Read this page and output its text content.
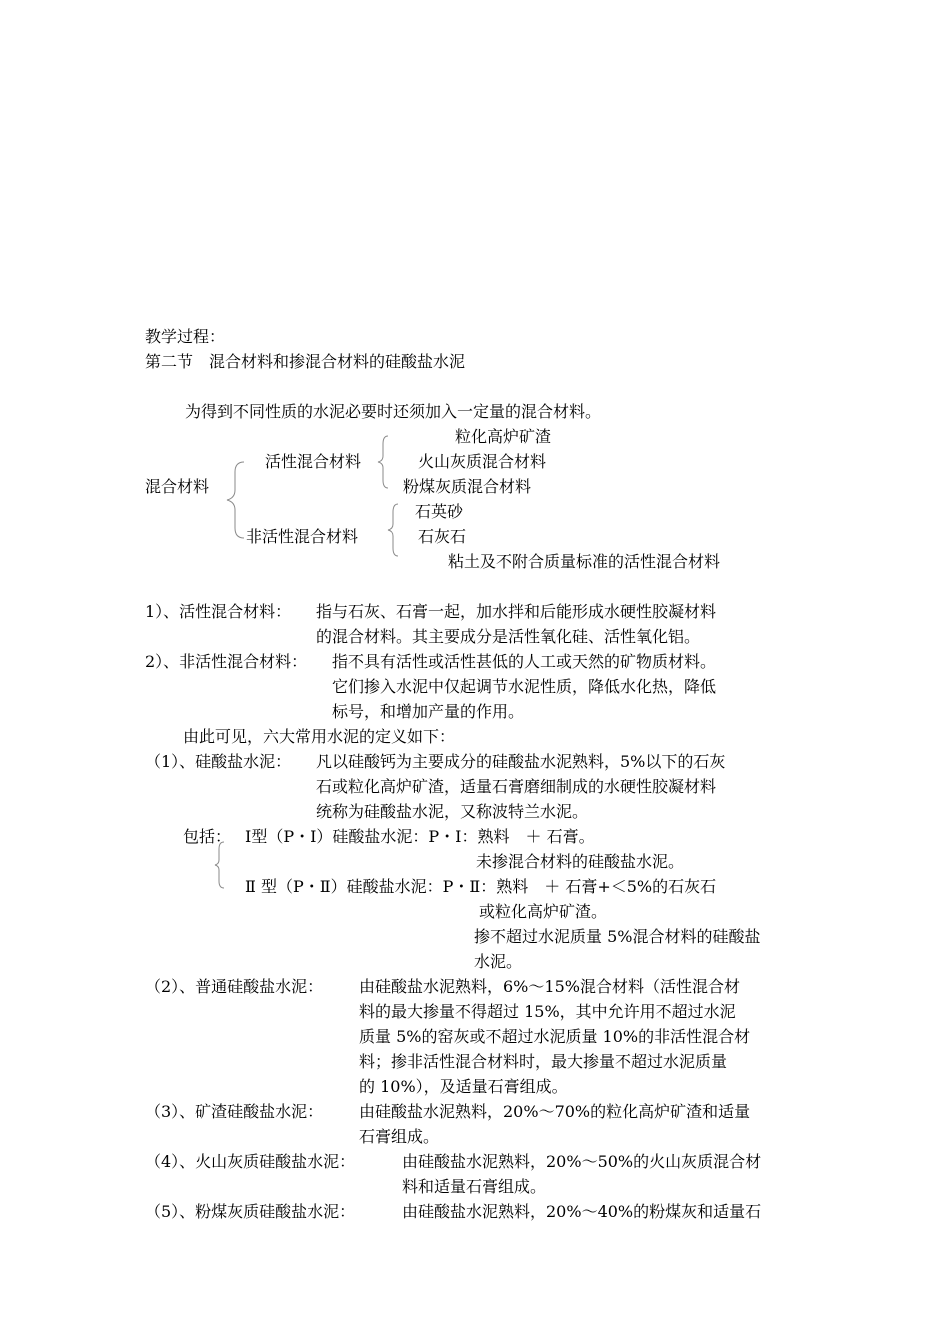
教学过程：
第二节　混合材料和掺混合材料的硅酸盐水泥
为得到不同性质的水泥必要时还须加入一定量的混合材料。
混合材料
活性混合材料
粒化高炉矿渣
火山灰质混合材料
粉煤灰质混合材料
非活性混合材料
石英砂
石灰石
粘土及不附合质量标准的活性混合材料
1）、活性混合材料： 指与石灰、石膏一起，加水拌和后能形成水硬性胶凝材料
的混合材料。其主要成分是活性氧化硅、活性氧化铝。
2）、非活性混合材料： 指不具有活性或活性甚低的人工或天然的矿物质材料。
它们掺入水泥中仅起调节水泥性质，降低水化热，降低
标号，和增加产量的作用。
由此可见，六大常用水泥的定义如下：
（1）、硅酸盐水泥： 凡以硅酸钙为主要成分的硅酸盐水泥熟料，5%以下的石灰
石或粒化高炉矿渣，适量石膏磨细制成的水硬性胶凝材料
统称为硅酸盐水泥，又称波特兰水泥。
包括： Ⅰ型（P・Ⅰ）硅酸盐水泥：P・Ⅰ：熟料　＋ 石膏。
未掺混合材料的硅酸盐水泥。
Ⅱ 型（P・Ⅱ）硅酸盐水泥：P・Ⅱ：熟料　＋ 石膏+＜5%的石灰石
或粒化高炉矿渣。
掺不超过水泥质量 5%混合材料的硅酸盐
水泥。
（2）、普通硅酸盐水泥： 由硅酸盐水泥熟料，6%～15%混合材料（活性混合材
料的最大掺量不得超过 15%，其中允许用不超过水泥
质量 5%的窑灰或不超过水泥质量 10%的非活性混合材
料；掺非活性混合材料时，最大掺量不超过水泥质量
的 10%），及适量石膏组成。
（3）、矿渣硅酸盐水泥： 由硅酸盐水泥熟料，20%～70%的粒化高炉矿渣和适量
石膏组成。
（4）、火山灰质硅酸盐水泥：	由硅酸盐水泥熟料，20%～50%的火山灰质混合材
料和适量石膏组成。
（5）、粉煤灰质硅酸盐水泥：	由硅酸盐水泥熟料，20%～40%的粉煤灰和适量石
